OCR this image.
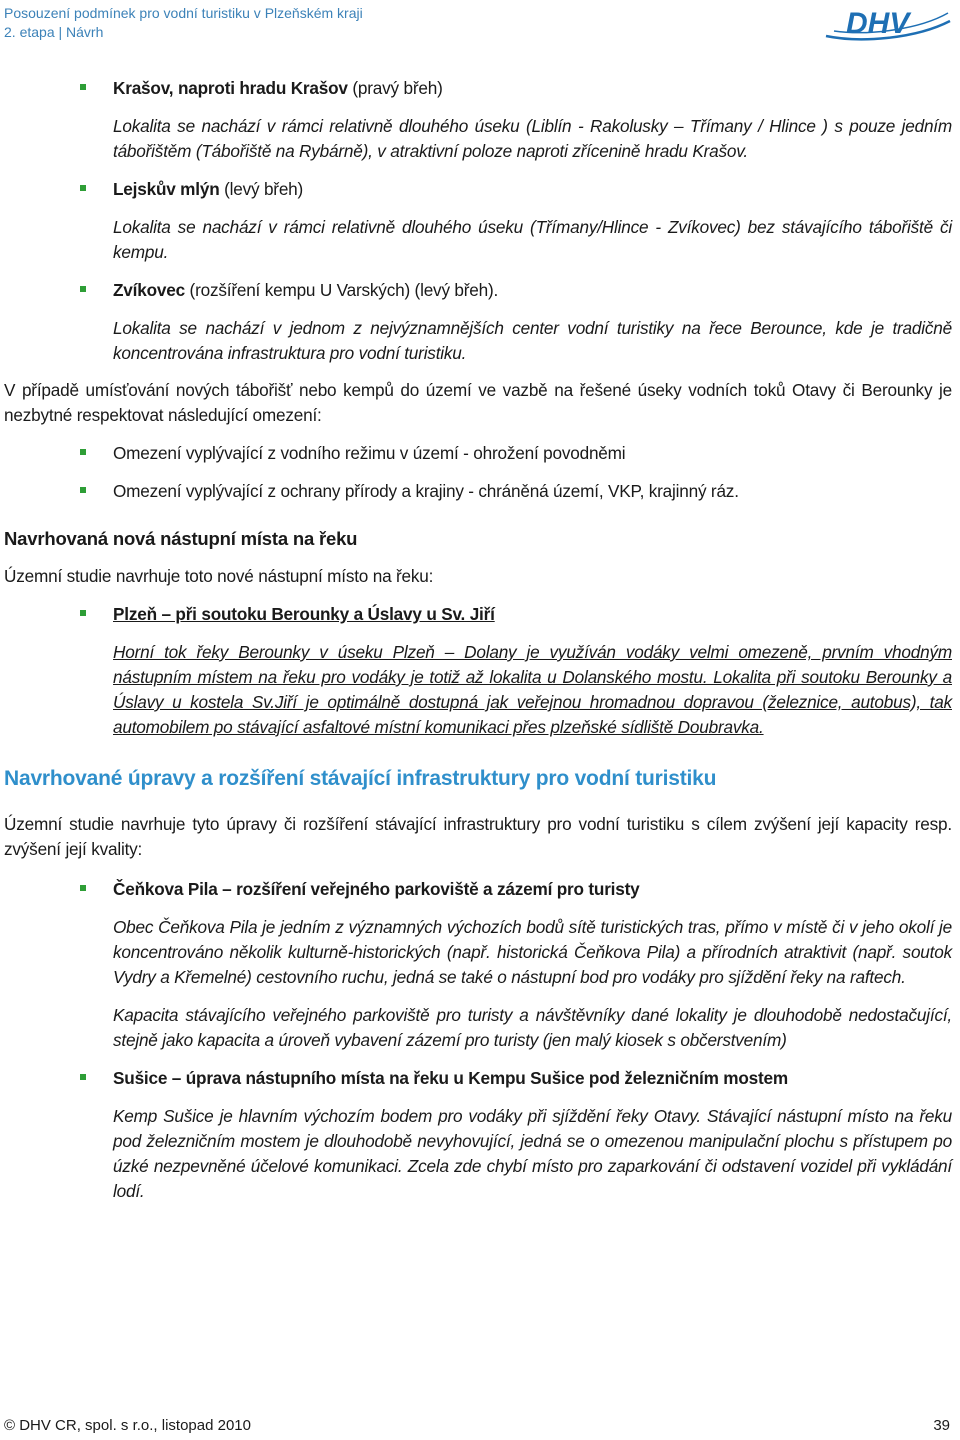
Posouzení podmínek pro vodní turistiku v Plzeňském kraji
2. etapa | Návrh	DHV

Krašov, naproti hradu Krašov (pravý břeh)

Lokalita se nachází v rámci relativně dlouhého úseku (Liblín - Rakolusky – Třímany / Hlince ) s pouze jedním tábořištěm (Tábořiště na Rybárně), v atraktivní poloze naproti zřícenině hradu Krašov.

Lejskův mlýn (levý břeh)

Lokalita se nachází v rámci relativně dlouhého úseku (Třímany/Hlince - Zvíkovec) bez stávajícího tábořiště či kempu.

Zvíkovec (rozšíření kempu U Varských) (levý břeh).

Lokalita se nachází v jednom z nejvýznamnějších center vodní turistiky na řece Berounce, kde je tradičně koncentrována infrastruktura pro vodní turistiku.

V případě umísťování nových tábořišť nebo kempů do území ve vazbě na řešené úseky vodních toků Otavy či Berounky je nezbytné respektovat následující omezení:

Omezení vyplývající z vodního režimu v území - ohrožení povodněmi

Omezení vyplývající z ochrany přírody a krajiny - chráněná území, VKP, krajinný ráz.

Navrhovaná nová nástupní místa na řeku

Územní studie navrhuje toto nové nástupní místo na řeku:

Plzeň – při soutoku Berounky a Úslavy u Sv. Jiří

Horní tok řeky Berounky v úseku Plzeň – Dolany je využíván vodáky velmi omezeně, prvním vhodným nástupním místem na řeku pro vodáky je totiž až lokalita u Dolanského mostu. Lokalita při soutoku Berounky a Úslavy u kostela Sv.Jiří je optimálně dostupná jak veřejnou hromadnou dopravou (železnice, autobus), tak automobilem po stávající asfaltové místní komunikaci přes plzeňské sídliště Doubravka.

Navrhované úpravy a rozšíření stávající infrastruktury pro vodní turistiku

Územní studie navrhuje tyto úpravy či rozšíření stávající infrastruktury pro vodní turistiku s cílem zvýšení její kapacity resp. zvýšení její kvality:

Čeňkova Pila – rozšíření veřejného parkoviště a zázemí pro turisty

Obec Čeňkova Pila je jedním z významných výchozích bodů sítě turistických tras, přímo v místě či v jeho okolí je koncentrováno několik kulturně-historických (např. historická Čeňkova Pila) a přírodních atraktivit (např. soutok Vydry a Křemelné) cestovního ruchu, jedná se také o nástupní bod pro vodáky pro sjíždění řeky na raftech.

Kapacita stávajícího veřejného parkoviště pro turisty a návštěvníky dané lokality je dlouhodobě nedostačující, stejně jako kapacita a úroveň vybavení zázemí pro turisty (jen malý kiosek s občerstvením)

Sušice – úprava nástupního místa na řeku u Kempu Sušice pod železničním mostem

Kemp Sušice je hlavním výchozím bodem pro vodáky při sjíždění řeky Otavy. Stávající nástupní místo na řeku pod železničním mostem je dlouhodobě nevyhovující, jedná se o omezenou manipulační plochu s přístupem po úzké nezpevněné účelové komunikaci. Zcela zde chybí místo pro zaparkování či odstavení vozidel při vykládání lodí.

© DHV CR, spol. s r.o., listopad 2010	39
